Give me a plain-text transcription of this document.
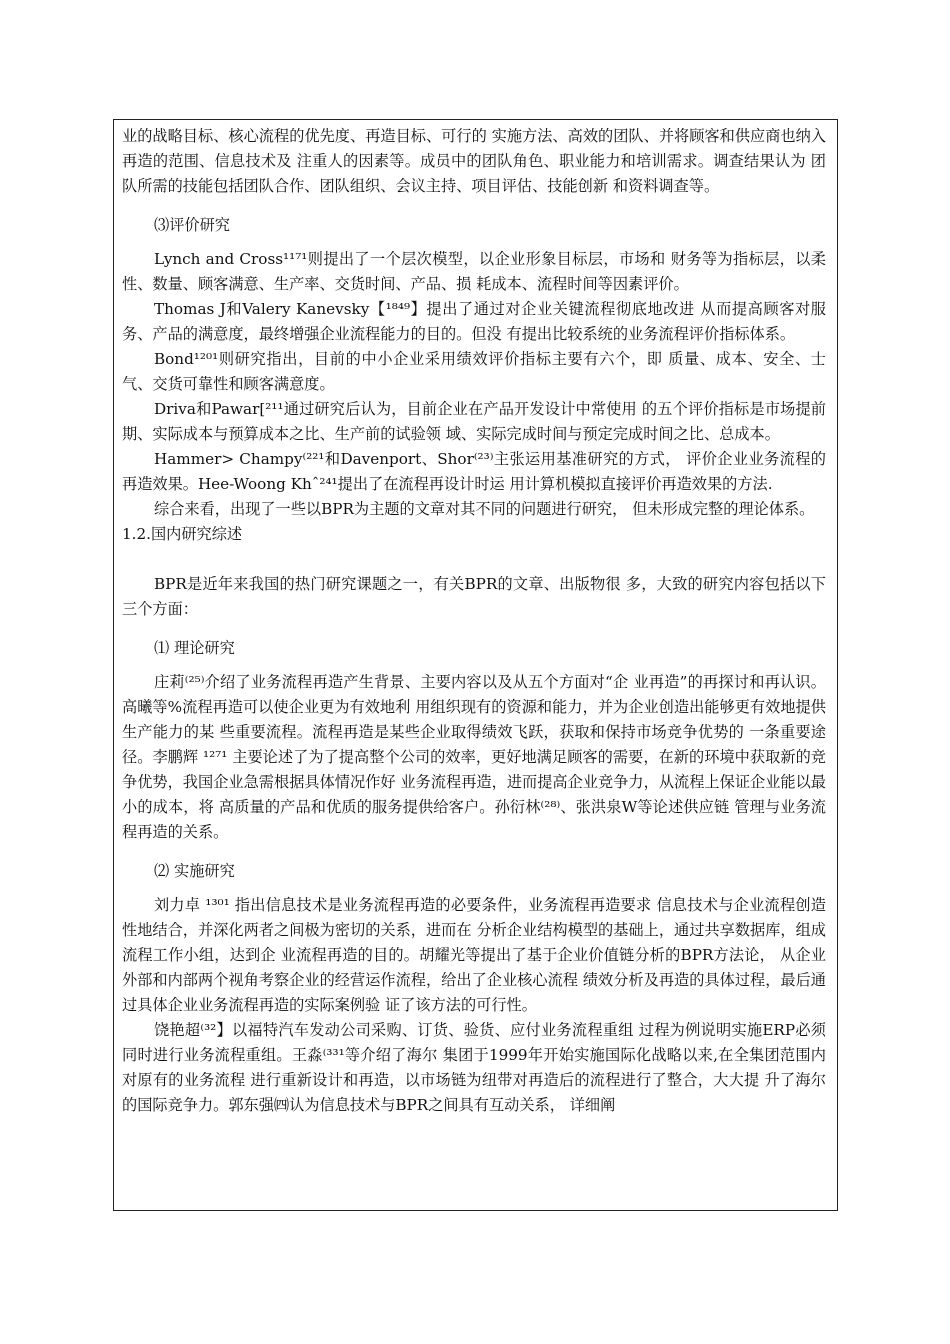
业的战略目标、核心流程的优先度、再造目标、可行的 实施方法、高效的团队、并将顾客和供应商也纳入再造的范围、信息技术及 注重人的因素等。成员中的团队角色、职业能力和培训需求。调查结果认为 团队所需的技能包括团队合作、团队组织、会议主持、项目评估、技能创新 和资料调查等。

⑶评价研究

Lynch and Cross¹¹⁷¹则提出了一个层次模型，以企业形象目标层，市场和 财务等为指标层，以柔性、数量、顾客满意、生产率、交货时间、产品、损 耗成本、流程时间等因素评价。

Thomas J和Valery Kanevsky【¹⁸⁴⁹】提出了通过对企业关键流程彻底地改进 从而提高顾客对服务、产品的满意度，最终增强企业流程能力的目的。但没 有提出比较系统的业务流程评价指标体系。

Bond¹²⁰¹则研究指出，目前的中小企业采用绩效评价指标主要有六个，即 质量、成本、安全、士气、交货可靠性和顾客满意度。

Driva和Pawar[²¹¹通过研究后认为，目前企业在产品开发设计中常使用 的五个评价指标是市场提前期、实际成本与预算成本之比、生产前的试验领 域、实际完成时间与预定完成时间之比、总成本。

Hammer> Champy⁽²²¹和Davenport、Shor⁽²³⁾主张运用基准研究的方式， 评价企业业务流程的再造效果。Hee-Woong Khˆ²⁴¹提出了在流程再设计时运 用计算机模拟直接评价再造效果的方法.

综合来看，出现了一些以BPR为主题的文章对其不同的问题进行研究， 但未形成完整的理论体系。

1.2.国内研究综述

BPR是近年来我国的热门研究课题之一，有关BPR的文章、出版物很 多，大致的研究内容包括以下三个方面：

⑴ 理论研究

庄莉⁽²⁵⁾介绍了业务流程再造产生背景、主要内容以及从五个方面对“企 业再造”的再探讨和再认识。高曦等%流程再造可以使企业更为有效地利 用组织现有的资源和能力，并为企业创造出能够更有效地提供生产能力的某 些重要流程。流程再造是某些企业取得绩效飞跃，获取和保持市场竞争优势的 一条重要途径。李鹏辉 ¹²⁷¹ 主要论述了为了提高整个公司的效率，更好地满足顾客的需要，在新的环境中获取新的竞争优势，我国企业急需根据具体情况作好 业务流程再造，进而提高企业竞争力，从流程上保证企业能以最小的成本，将 高质量的产品和优质的服务提供给客户。孙衍林⁽²⁸⁾、张洪泉W等论述供应链 管理与业务流程再造的关系。

⑵ 实施研究

刘力卓 ¹³⁰¹ 指出信息技术是业务流程再造的必要条件，业务流程再造要求 信息技术与企业流程创造性地结合，并深化两者之间极为密切的关系，进而在 分析企业结构模型的基础上，通过共享数据库，组成流程工作小组，达到企 业流程再造的目的。胡耀光等提出了基于企业价值链分析的BPR方法论， 从企业外部和内部两个视角考察企业的经营运作流程，给出了企业核心流程 绩效分析及再造的具体过程，最后通过具体企业业务流程再造的实际案例验 证了该方法的可行性。

饶艳超⁽³²】以福特汽车发动公司采购、订货、验货、应付业务流程重组 过程为例说明实施ERP必须同时进行业务流程重组。王淼⁽³³¹等介绍了海尔 集团于1999年开始实施国际化战略以来,在全集团范围内对原有的业务流程 进行重新设计和再造，以市场链为纽带对再造后的流程进行了整合，大大提 升了海尔的国际竞争力。郭东强㈣认为信息技术与BPR之间具有互动关系， 详细阐
